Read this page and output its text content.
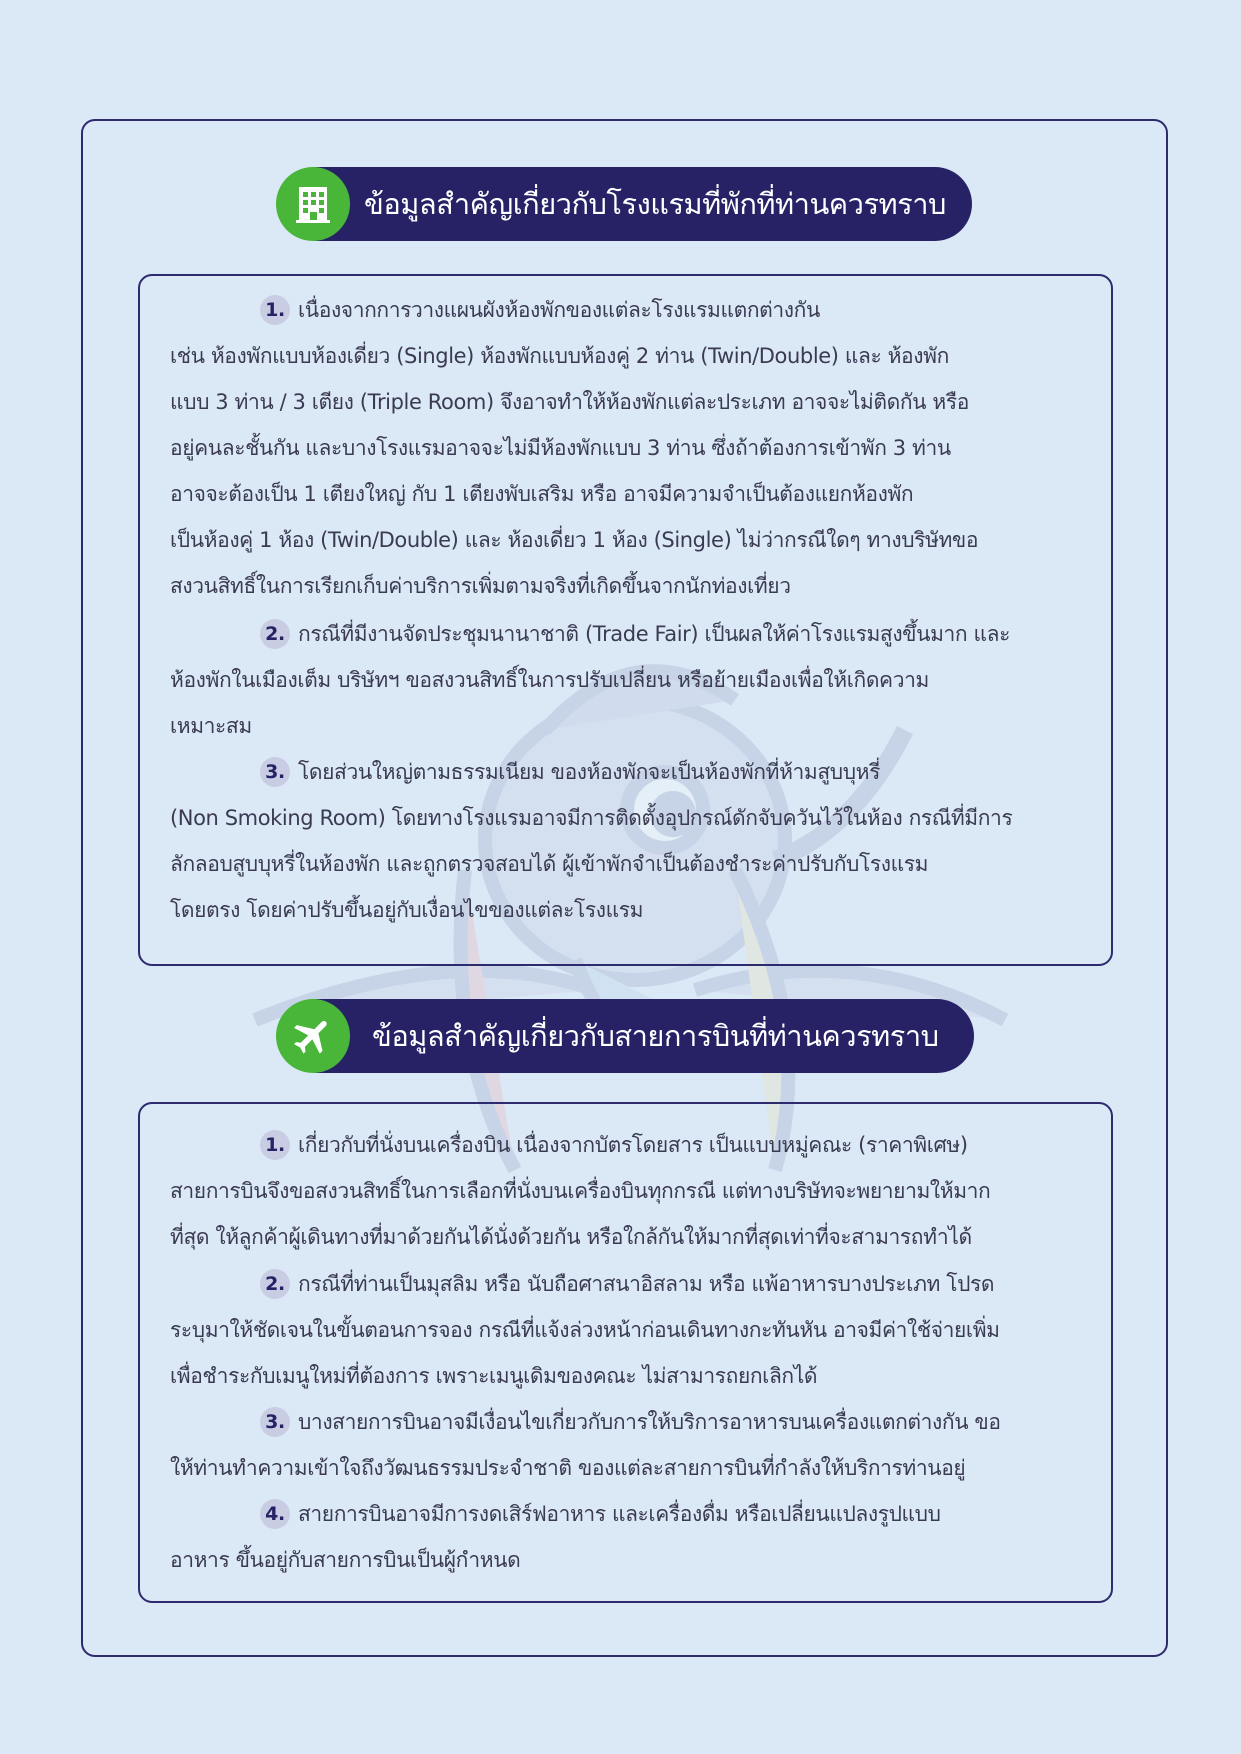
ข้อมูลสำคัญเกี่ยวกับโรงแรมที่พักที่ท่านควรทราบ
1. เนื่องจากการวางแผนผังห้องพักของแต่ละโรงแรมแตกต่างกัน
เช่น ห้องพักแบบห้องเดี่ยว (Single) ห้องพักแบบห้องคู่ 2 ท่าน (Twin/Double) และ ห้องพัก
แบบ 3 ท่าน / 3 เตียง (Triple Room) จึงอาจทำให้ห้องพักแต่ละประเภท อาจจะไม่ติดกัน หรือ
อยู่คนละชั้นกัน และบางโรงแรมอาจจะไม่มีห้องพักแบบ 3 ท่าน ซึ่งถ้าต้องการเข้าพัก 3 ท่าน
อาจจะต้องเป็น 1 เตียงใหญ่ กับ 1 เตียงพับเสริม หรือ อาจมีความจำเป็นต้องแยกห้องพัก
เป็นห้องคู่ 1 ห้อง (Twin/Double) และ ห้องเดี่ยว 1 ห้อง (Single) ไม่ว่ากรณีใดๆ ทางบริษัทขอ
สงวนสิทธิ์ในการเรียกเก็บค่าบริการเพิ่มตามจริงที่เกิดขึ้นจากนักท่องเที่ยว
2. กรณีที่มีงานจัดประชุมนานาชาติ (Trade Fair) เป็นผลให้ค่าโรงแรมสูงขึ้นมาก และ
ห้องพักในเมืองเต็ม บริษัทฯ ขอสงวนสิทธิ์ในการปรับเปลี่ยน หรือย้ายเมืองเพื่อให้เกิดความ
เหมาะสม
3. โดยส่วนใหญ่ตามธรรมเนียม ของห้องพักจะเป็นห้องพักที่ห้ามสูบบุหรี่
(Non Smoking Room) โดยทางโรงแรมอาจมีการติดตั้งอุปกรณ์ดักจับควันไว้ในห้อง กรณีที่มีการ
ลักลอบสูบบุหรี่ในห้องพัก และถูกตรวจสอบได้ ผู้เข้าพักจำเป็นต้องชำระค่าปรับกับโรงแรม
โดยตรง โดยค่าปรับขึ้นอยู่กับเงื่อนไขของแต่ละโรงแรม
ข้อมูลสำคัญเกี่ยวกับสายการบินที่ท่านควรทราบ
1. เกี่ยวกับที่นั่งบนเครื่องบิน เนื่องจากบัตรโดยสาร เป็นแบบหมู่คณะ (ราคาพิเศษ)
สายการบินจึงขอสงวนสิทธิ์ในการเลือกที่นั่งบนเครื่องบินทุกกรณี แต่ทางบริษัทจะพยายามให้มาก
ที่สุด ให้ลูกค้าผู้เดินทางที่มาด้วยกันได้นั่งด้วยกัน หรือใกล้กันให้มากที่สุดเท่าที่จะสามารถทำได้
2. กรณีที่ท่านเป็นมุสลิม หรือ นับถือศาสนาอิสลาม หรือ แพ้อาหารบางประเภท โปรด
ระบุมาให้ชัดเจนในขั้นตอนการจอง กรณีที่แจ้งล่วงหน้าก่อนเดินทางกะทันหัน อาจมีค่าใช้จ่ายเพิ่ม
เพื่อชำระกับเมนูใหม่ที่ต้องการ เพราะเมนูเดิมของคณะ ไม่สามารถยกเลิกได้
3. บางสายการบินอาจมีเงื่อนไขเกี่ยวกับการให้บริการอาหารบนเครื่องแตกต่างกัน ขอ
ให้ท่านทำความเข้าใจถึงวัฒนธรรมประจำชาติ ของแต่ละสายการบินที่กำลังให้บริการท่านอยู่
4. สายการบินอาจมีการงดเสิร์ฟอาหาร และเครื่องดื่ม หรือเปลี่ยนแปลงรูปแบบ
อาหาร ขึ้นอยู่กับสายการบินเป็นผู้กำหนด
